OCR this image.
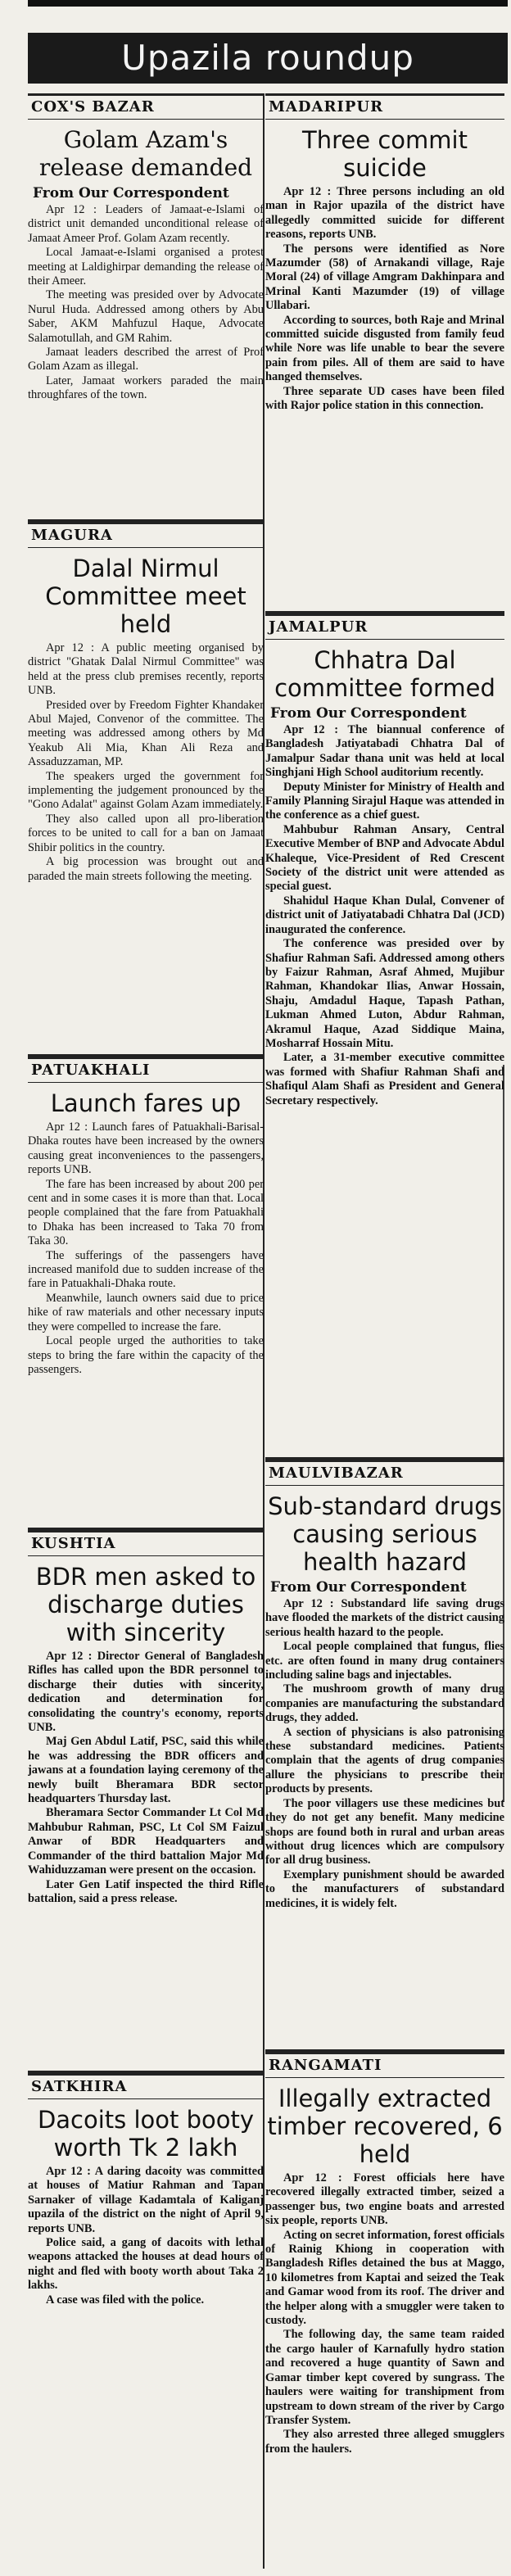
Upazila roundup
COX'S BAZAR
Golam Azam's release demanded
From Our Correspondent

Apr 12 : Leaders of Jamaat-e-Islami of district unit demanded unconditional release of Jamaat Ameer Prof. Golam Azam recently.

Local Jamaat-e-Islami organised a protest meeting at Laldighirpar demanding the release of their Ameer.

The meeting was presided over by Advocate Nurul Huda. Addressed among others by Abu Saber, AKM Mahfuzul Haque, Advocate Salamotullah, and GM Rahim.

Jamaat leaders described the arrest of Prof Golam Azam as illegal.

Later, Jamaat workers paraded the main throughfares of the town.

MAGURA
Dalal Nirmul Committee meet held

Apr 12 : A public meeting organised by district "Ghatak Dalal Nirmul Committee" was held at the press club premises recently, reports UNB.

Presided over by Freedom Fighter Khandaker Abul Majed, Convenor of the committee. The meeting was addressed among others by Md Yeakub Ali Mia, Khan Ali Reza and Assaduzzaman, MP.

The speakers urged the government for implementing the judgement pronounced by the "Gono Adalat" against Golam Azam immediately.

They also called upon all pro-liberation forces to be united to call for a ban on Jamaat Shibir politics in the country.

A big procession was brought out and paraded the main streets following the meeting.

PATUAKHALI
Launch fares up

Apr 12 : Launch fares of Patuakhali-Barisal-Dhaka routes have been increased by the owners causing great inconveniences to the passengers, reports UNB.

The fare has been increased by about 200 per cent and in some cases it is more than that. Local people complained that the fare from Patuakhali to Dhaka has been increased to Taka 70 from Taka 30.

The sufferings of the passengers have increased manifold due to sudden increase of the fare in Patuakhali-Dhaka route.

Meanwhile, launch owners said due to price hike of raw materials and other necessary inputs they were compelled to increase the fare.

Local people urged the authorities to take steps to bring the fare within the capacity of the passengers.

KUSHTIA
BDR men asked to discharge duties with sincerity

Apr 12 : Director General of Bangladesh Rifles has called upon the BDR personnel to discharge their duties with sincerity, dedication and determination for consolidating the country's economy, reports UNB.

Maj Gen Abdul Latif, PSC, said this while he was addressing the BDR officers and jawans at a foundation laying ceremony of the newly built Bheramara BDR sector headquarters Thursday last.

Bheramara Sector Commander Lt Col Md Mahbubur Rahman, PSC, Lt Col SM Faizul Anwar of BDR Headquarters and Commander of the third battalion Major Md Wahiduzzaman were present on the occasion.

Later Gen Latif inspected the third Rifle battalion, said a press release.

SATKHIRA
Dacoits loot booty worth Tk 2 lakh

Apr 12 : A daring dacoity was committed at houses of Matiur Rahman and Tapan Sarnaker of village Kadamtala of Kaliganj upazila of the district on the night of April 9, reports UNB.

Police said, a gang of dacoits with lethal weapons attacked the houses at dead hours of night and fled with booty worth about Taka 2 lakhs.

A case was filed with the police.

MADARIPUR
Three commit suicide

Apr 12 : Three persons including an old man in Rajor upazila of the district have allegedly committed suicide for different reasons, reports UNB.

The persons were identified as Nore Mazumder (58) of Arnakandi village, Raje Moral (24) of village Amgram Dakhinpara and Mrinal Kanti Mazumder (19) of village Ullabari.

According to sources, both Raje and Mrinal committed suicide disgusted from family feud while Nore was life unable to bear the severe pain from piles. All of them are said to have hanged themselves.

Three separate UD cases have been filed with Rajor police station in this connection.

JAMALPUR
Chhatra Dal committee formed
From Our Correspondent

Apr 12 : The biannual conference of Bangladesh Jatiyatabadi Chhatra Dal of Jamalpur Sadar thana unit was held at local Singhjani High School auditorium recently.

Deputy Minister for Ministry of Health and Family Planning Sirajul Haque was attended in the conference as a chief guest.

Mahbubur Rahman Ansary, Central Executive Member of BNP and Advocate Abdul Khaleque, Vice-President of Red Crescent Society of the district unit were attended as special guest.

Shahidul Haque Khan Dulal, Convener of district unit of Jatiyatabadi Chhatra Dal (JCD) inaugurated the conference.

The conference was presided over by Shafiur Rahman Safi. Addressed among others by Faizur Rahman, Asraf Ahmed, Mujibur Rahman, Khandokar Ilias, Anwar Hossain, Shaju, Amdadul Haque, Tapash Pathan, Lukman Ahmed Luton, Abdur Rahman, Akramul Haque, Azad Siddique Maina, Mosharraf Hossain Mitu.

Later, a 31-member executive committee was formed with Shafiur Rahman Shafi and Shafiqul Alam Shafi as President and General Secretary respectively.

MAULVIBAZAR
Sub-standard drugs causing serious health hazard
From Our Correspondent

Apr 12 : Substandard life saving drugs have flooded the markets of the district causing serious health hazard to the people.

Local people complained that fungus, flies etc. are often found in many drug containers including saline bags and injectables.

The mushroom growth of many drug companies are manufacturing the substandard drugs, they added.

A section of physicians is also patronising these substandard medicines. Patients complain that the agents of drug companies allure the physicians to prescribe their products by presents.

The poor villagers use these medicines but they do not get any benefit. Many medicine shops are found both in rural and urban areas without drug licences which are compulsory for all drug business.

Exemplary punishment should be awarded to the manufacturers of substandard medicines, it is widely felt.

RANGAMATI
Illegally extracted timber recovered, 6 held

Apr 12 : Forest officials here have recovered illegally extracted timber, seized a passenger bus, two engine boats and arrested six people, reports UNB.

Acting on secret information, forest officials of Rainig Khiong in cooperation with Bangladesh Rifles detained the bus at Maggo, 10 kilometres from Kaptai and seized the Teak and Gamar wood from its roof. The driver and the helper along with a smuggler were taken to custody.

The following day, the same team raided the cargo hauler of Karnafully hydro station and recovered a huge quantity of Sawn and Gamar timber kept covered by sungrass. The haulers were waiting for transhipment from upstream to down stream of the river by Cargo Transfer System.

They also arrested three alleged smugglers from the haulers.
